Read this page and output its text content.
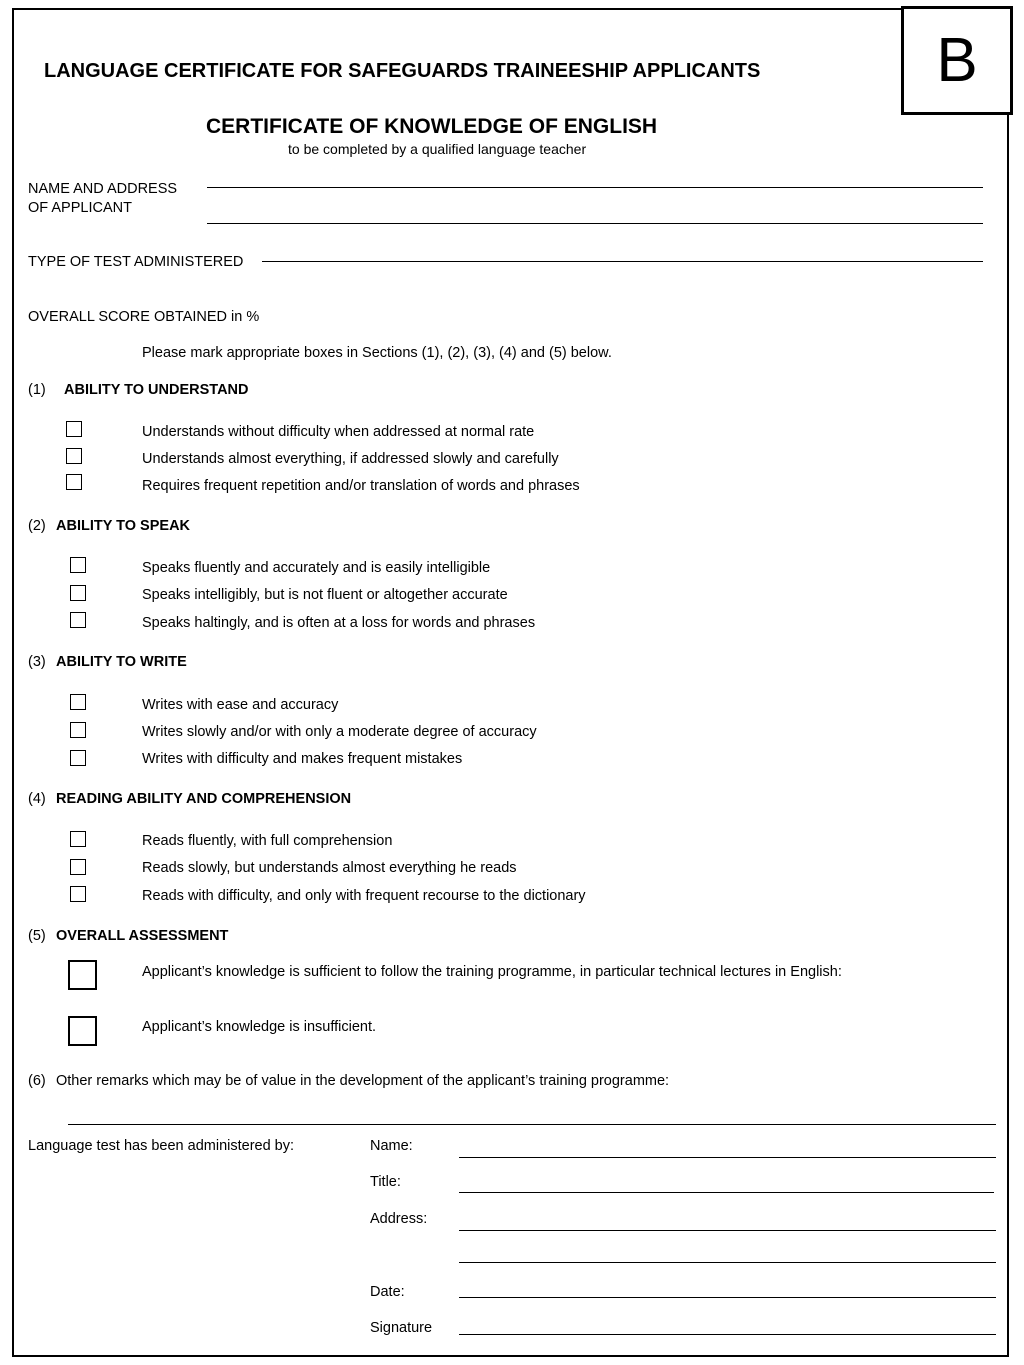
B
LANGUAGE CERTIFICATE FOR SAFEGUARDS TRAINEESHIP APPLICANTS
CERTIFICATE OF KNOWLEDGE OF ENGLISH
to be completed by a qualified language teacher
NAME AND ADDRESS
OF APPLICANT
TYPE OF TEST ADMINISTERED
OVERALL SCORE OBTAINED in %
Please mark appropriate boxes in Sections (1), (2), (3), (4) and (5) below.
(1) ABILITY TO UNDERSTAND
Understands without difficulty when addressed at normal rate
Understands almost everything, if addressed slowly and carefully
Requires frequent repetition and/or translation of words and phrases
(2) ABILITY TO SPEAK
Speaks fluently and accurately and is easily intelligible
Speaks intelligibly, but is not fluent or altogether accurate
Speaks haltingly, and is often at a loss for words and phrases
(3) ABILITY TO WRITE
Writes with ease and accuracy
Writes slowly and/or with only a moderate degree of accuracy
Writes with difficulty and makes frequent mistakes
(4) READING ABILITY AND COMPREHENSION
Reads fluently, with full comprehension
Reads slowly, but understands almost everything he reads
Reads with difficulty, and only with frequent recourse to the dictionary
(5) OVERALL ASSESSMENT
Applicant’s knowledge is sufficient to follow the training programme, in particular technical lectures in English:
Applicant’s knowledge is insufficient.
(6) Other remarks which may be of value in the development of the applicant’s training programme:
Language test has been administered by:	Name:
Title:
Address:
Date:
Signature
